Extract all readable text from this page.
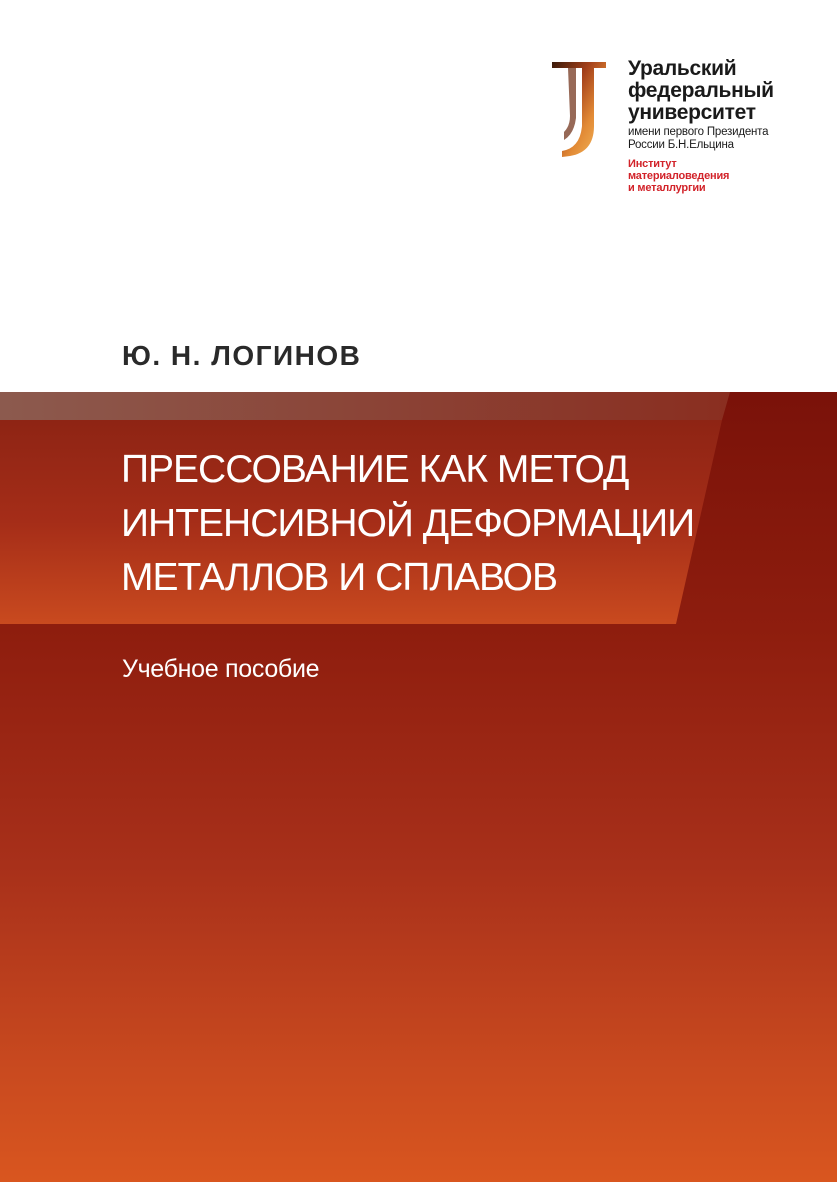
Уральский
федеральный
университет
имени первого Президента
России Б.Н.Ельцина
Институт
материаловедения
и металлургии
Ю. Н. ЛОГИНОВ
ПРЕССОВАНИЕ КАК МЕТОД
ИНТЕНСИВНОЙ ДЕФОРМАЦИИ
МЕТАЛЛОВ И СПЛАВОВ
Учебное пособие
